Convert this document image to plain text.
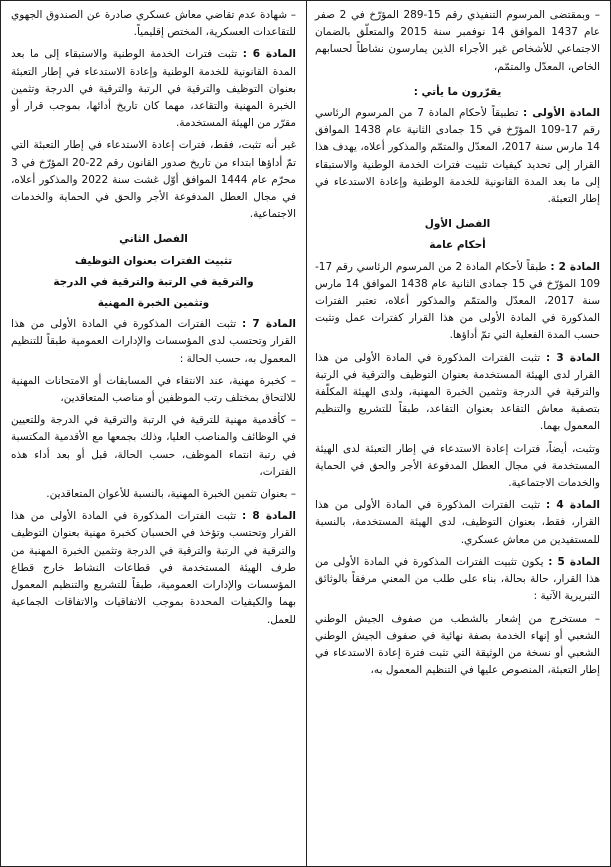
– وبمقتضى المرسوم التنفيذي رقم 15-289 المؤرّخ في 2 صفر عام 1437 الموافق 14 نوفمبر سنة 2015 والمتعلّق بالضمان الاجتماعي للأشخاص غير الأجراء الذين يمارسون نشاطاً لحسابهم الخاص، المعدّل والمتمّم،

يقرّرون ما يأتي :

المادة الأولى : تطبيقاً لأحكام المادة 7 من المرسوم الرئاسي رقم 17-109 المؤرّخ في 15 جمادى الثانية عام 1438 الموافق 14 مارس سنة 2017، المعدّل والمتمّم والمذكور أعلاه، يهدف هذا القرار إلى تحديد كيفيات تثبيت فترات الخدمة الوطنية والاستبقاء إلى ما بعد المدة القانونية للخدمة الوطنية وإعادة الاستدعاء في إطار التعبئة.

الفصل الأول

أحكام عامة

المادة 2 : طبقاً لأحكام المادة 2 من المرسوم الرئاسي رقم 17-109 المؤرّخ في 15 جمادى الثانية عام 1438 الموافق 14 مارس سنة 2017، المعدّل والمتمّم والمذكور أعلاه، تعتبر الفترات المذكورة في المادة الأولى من هذا القرار كفترات عمل وتثبت حسب المدة الفعلية التي تمّ أداؤها.

المادة 3 : تثبت الفترات المذكورة في المادة الأولى من هذا القرار لدى الهيئة المستخدمة بعنوان التوظيف والترقية في الرتبة والترقية في الدرجة وتثمين الخبرة المهنية، ولدى الهيئة المكلّفة بتصفية معاش التقاعد بعنوان التقاعد، طبقاً للتشريع والتنظيم المعمول بهما.

وتثبت، أيضاً، فترات إعادة الاستدعاء في إطار التعبئة لدى الهيئة المستخدمة في مجال العطل المدفوعة الأجر والحق في الحماية والخدمات الاجتماعية.

المادة 4 : تثبت الفترات المذكورة في المادة الأولى من هذا القرار، فقط، بعنوان التوظيف، لدى الهيئة المستخدمة، بالنسبة للمستفيدين من معاش عسكري.

المادة 5 : يكون تثبيت الفترات المذكورة في المادة الأولى من هذا القرار، حالة بحالة، بناء على طلب من المعني مرفقاً بالوثائق التبريرية الآتية :

– مستخرج من إشعار بالشطب من صفوف الجيش الوطني الشعبي أو إنهاء الخدمة بصفة نهائية في صفوف الجيش الوطني الشعبي أو نسخة من الوثيقة التي تثبت فترة إعادة الاستدعاء في إطار التعبئة، المنصوص عليها في التنظيم المعمول به،

– شهادة عدم تقاضي معاش عسكري صادرة عن الصندوق الجهوي للتقاعدات العسكرية، المختص إقليمياً.

المادة 6 : تثبت فترات الخدمة الوطنية والاستبقاء إلى ما بعد المدة القانونية للخدمة الوطنية وإعادة الاستدعاء في إطار التعبئة بعنوان التوظيف والترقية في الرتبة والترقية في الدرجة وتثمين الخبرة المهنية والتقاعد، مهما كان تاريخ أدائها، بموجب قرار أو مقرّر من الهيئة المستخدمة.

غير أنه تثبت، فقط، فترات إعادة الاستدعاء في إطار التعبئة التي تمّ أداؤها ابتداء من تاريخ صدور القانون رقم 22-20 المؤرّخ في 3 محرّم عام 1444 الموافق أوّل غشت سنة 2022 والمذكور أعلاه، في مجال العطل المدفوعة الأجر والحق في الحماية والخدمات الاجتماعية.

الفصل الثاني

تثبيت الفترات بعنوان التوظيف

والترقية في الرتبة والترقية في الدرجة

وتثمين الخبرة المهنية

المادة 7 : تثبت الفترات المذكورة في المادة الأولى من هذا القرار وتحتسب لدى المؤسسات والإدارات العمومية طبقاً للتنظيم المعمول به، حسب الحالة :

– كخبرة مهنية، عند الانتقاء في المسابقات أو الامتحانات المهنية للالتحاق بمختلف رتب الموظفين أو مناصب المتعاقدين،

– كأقدمية مهنية للترقية في الرتبة والترقية في الدرجة وللتعيين في الوظائف والمناصب العليا، وذلك بجمعها مع الأقدمية المكتسبة في رتبة انتماء الموظف، حسب الحالة، قبل أو بعد أداء هذه الفترات،

– بعنوان تثمين الخبرة المهنية، بالنسبة للأعوان المتعاقدين.

المادة 8 : تثبت الفترات المذكورة في المادة الأولى من هذا القرار وتحتسب وتؤخذ في الحسبان كخبرة مهنية بعنوان التوظيف والترقية في الرتبة والترقية في الدرجة وتثمين الخبرة المهنية من طرف الهيئة المستخدمة في قطاعات النشاط خارج قطاع المؤسسات والإدارات العمومية، طبقاً للتشريع والتنظيم المعمول بهما والكيفيات المحددة بموجب الاتفاقيات والاتفاقات الجماعية للعمل.
